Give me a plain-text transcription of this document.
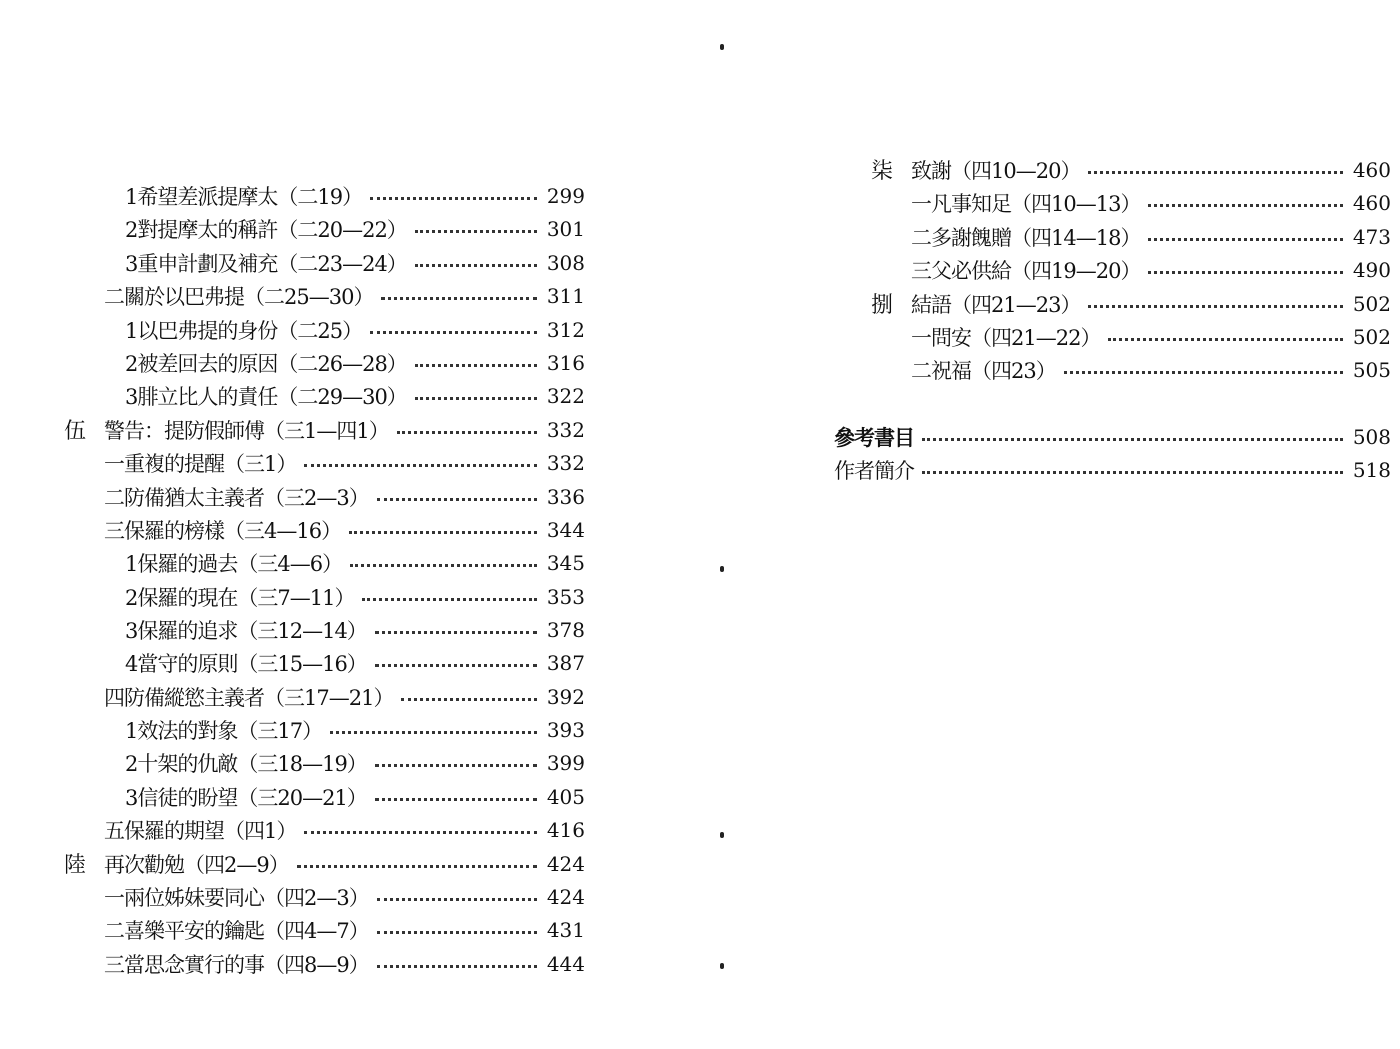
1希望差派提摩太（二19）	299
2對提摩太的稱許（二20—22）	301
3重申計劃及補充（二23—24）	308
二關於以巴弗提（二25—30）	311
1以巴弗提的身份（二25）	312
2被差回去的原因（二26—28）	316
3腓立比人的責任（二29—30）	322
伍 警告：提防假師傅（三1—四1）	332
一重複的提醒（三1）	332
二防備猶太主義者（三2—3）	336
三保羅的榜樣（三4—16）	344
1保羅的過去（三4—6）	345
2保羅的現在（三7—11）	353
3保羅的追求（三12—14）	378
4當守的原則（三15—16）	387
四防備縱慾主義者（三17—21）	392
1效法的對象（三17）	393
2十架的仇敵（三18—19）	399
3信徒的盼望（三20—21）	405
五保羅的期望（四1）	416
陸 再次勸勉（四2—9）	424
一兩位姊妹要同心（四2—3）	424
二喜樂平安的鑰匙（四4—7）	431
三當思念實行的事（四8—9）	444
柒 致謝（四10—20）	460
一凡事知足（四10—13）	460
二多謝餽贈（四14—18）	473
三父必供給（四19—20）	490
捌 結語（四21—23）	502
一問安（四21—22）	502
二祝福（四23）	505
參考書目	508
作者簡介	518
